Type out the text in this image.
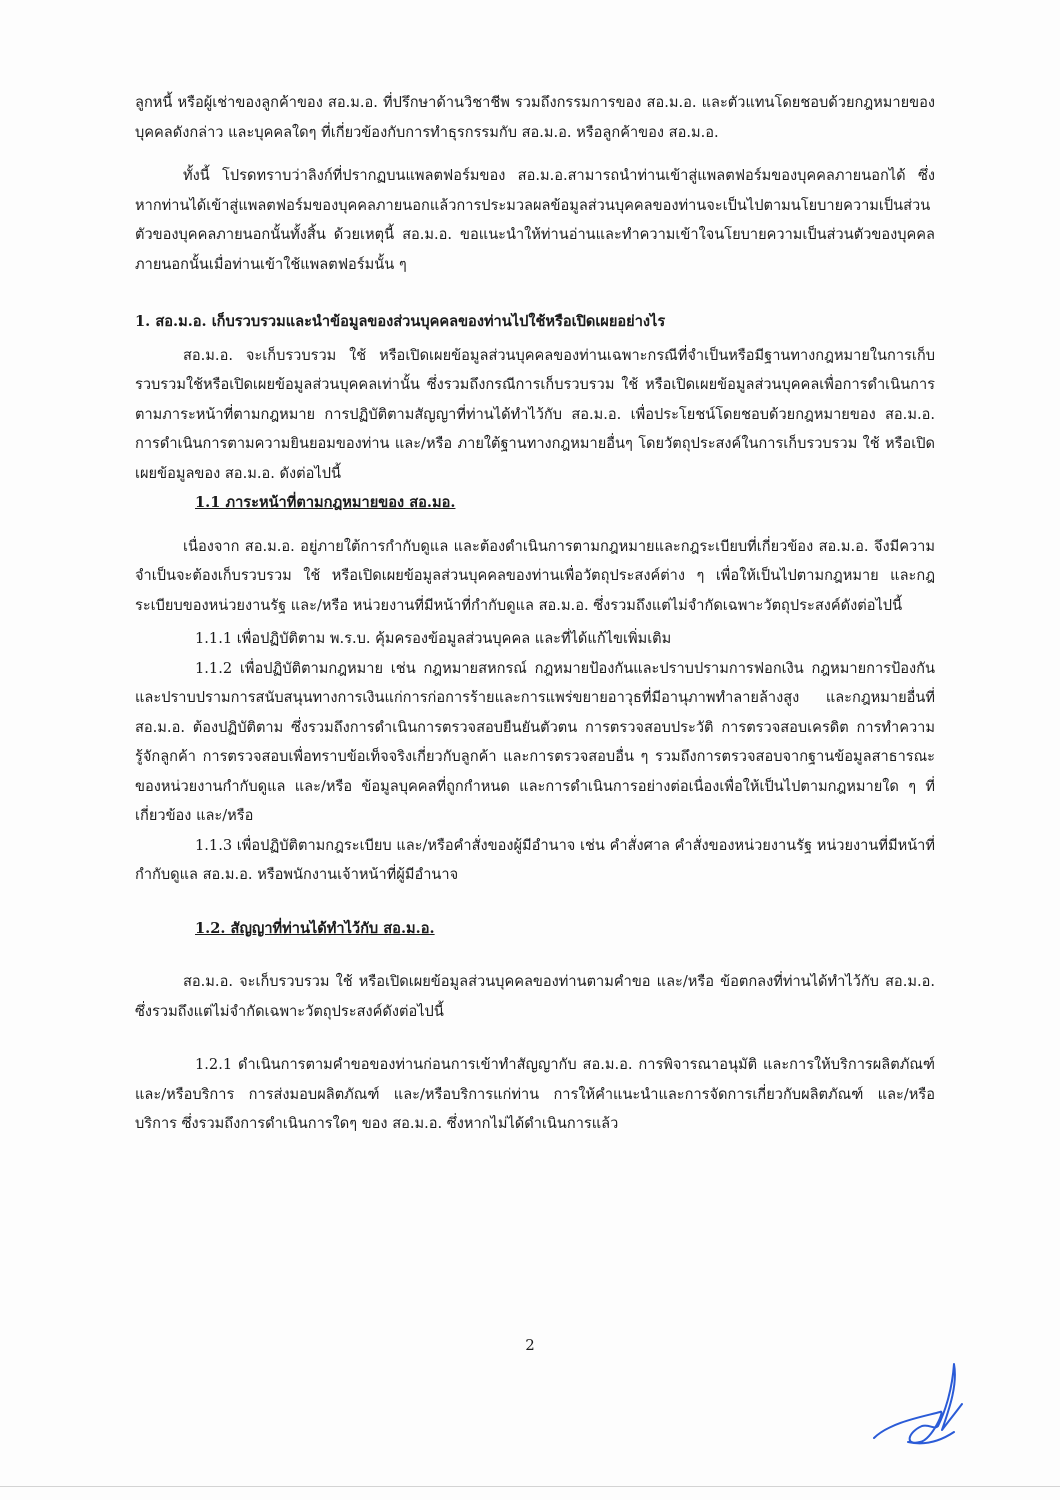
ลูกหนี้ หรือผู้เช่าของลูกค้าของ สอ.ม.อ. ที่ปรึกษาด้านวิชาชีพ รวมถึงกรรมการของ สอ.ม.อ. และตัวแทนโดยชอบด้วยกฎหมายของบุคคลดังกล่าว และบุคคลใดๆ ที่เกี่ยวข้องกับการทำธุรกรรมกับ สอ.ม.อ. หรือลูกค้าของ สอ.ม.อ.

ทั้งนี้ โปรดทราบว่าลิงก์ที่ปรากฏบนแพลตฟอร์มของ สอ.ม.อ.สามารถนำท่านเข้าสู่แพลตฟอร์มของบุคคลภายนอกได้ ซึ่งหากท่านได้เข้าสู่แพลตฟอร์มของบุคคลภายนอกแล้วการประมวลผลข้อมูลส่วนบุคคลของท่านจะเป็นไปตามนโยบายความเป็นส่วนตัวของบุคคลภายนอกนั้นทั้งสิ้น ด้วยเหตุนี้ สอ.ม.อ. ขอแนะนำให้ท่านอ่านและทำความเข้าใจนโยบายความเป็นส่วนตัวของบุคคลภายนอกนั้นเมื่อท่านเข้าใช้แพลตฟอร์มนั้น ๆ

1. สอ.ม.อ. เก็บรวบรวมและนำข้อมูลของส่วนบุคคลของท่านไปใช้หรือเปิดเผยอย่างไร

สอ.ม.อ. จะเก็บรวบรวม ใช้ หรือเปิดเผยข้อมูลส่วนบุคคลของท่านเฉพาะกรณีที่จำเป็นหรือมีฐานทางกฎหมายในการเก็บรวบรวมใช้หรือเปิดเผยข้อมูลส่วนบุคคลเท่านั้น ซึ่งรวมถึงกรณีการเก็บรวบรวม ใช้ หรือเปิดเผยข้อมูลส่วนบุคคลเพื่อการดำเนินการตามภาระหน้าที่ตามกฎหมาย การปฏิบัติตามสัญญาที่ท่านได้ทำไว้กับ สอ.ม.อ. เพื่อประโยชน์โดยชอบด้วยกฎหมายของ สอ.ม.อ. การดำเนินการตามความยินยอมของท่าน และ/หรือ ภายใต้ฐานทางกฎหมายอื่นๆ โดยวัตถุประสงค์ในการเก็บรวบรวม ใช้ หรือเปิดเผยข้อมูลของ สอ.ม.อ. ดังต่อไปนี้

1.1 ภาระหน้าที่ตามกฎหมายของ สอ.มอ.

เนื่องจาก สอ.ม.อ. อยู่ภายใต้การกำกับดูแล และต้องดำเนินการตามกฎหมายและกฎระเบียบที่เกี่ยวข้อง สอ.ม.อ. จึงมีความจำเป็นจะต้องเก็บรวบรวม ใช้ หรือเปิดเผยข้อมูลส่วนบุคคลของท่านเพื่อวัตถุประสงค์ต่าง ๆ เพื่อให้เป็นไปตามกฎหมาย และกฎระเบียบของหน่วยงานรัฐ และ/หรือ หน่วยงานที่มีหน้าที่กำกับดูแล สอ.ม.อ. ซึ่งรวมถึงแต่ไม่จำกัดเฉพาะวัตถุประสงค์ดังต่อไปนี้

1.1.1 เพื่อปฏิบัติตาม พ.ร.บ. คุ้มครองข้อมูลส่วนบุคคล และที่ได้แก้ไขเพิ่มเติม

1.1.2 เพื่อปฏิบัติตามกฎหมาย เช่น กฎหมายสหกรณ์ กฎหมายป้องกันและปราบปรามการฟอกเงิน กฎหมายการป้องกันและปราบปรามการสนับสนุนทางการเงินแก่การก่อการร้ายและการแพร่ขยายอาวุธที่มีอานุภาพทำลายล้างสูง และกฎหมายอื่นที่ สอ.ม.อ. ต้องปฏิบัติตาม ซึ่งรวมถึงการดำเนินการตรวจสอบยืนยันตัวตน การตรวจสอบประวัติ การตรวจสอบเครดิต การทำความรู้จักลูกค้า การตรวจสอบเพื่อทราบข้อเท็จจริงเกี่ยวกับลูกค้า และการตรวจสอบอื่น ๆ รวมถึงการตรวจสอบจากฐานข้อมูลสาธารณะของหน่วยงานกำกับดูแล และ/หรือ ข้อมูลบุคคลที่ถูกกำหนด และการดำเนินการอย่างต่อเนื่องเพื่อให้เป็นไปตามกฎหมายใด ๆ ที่เกี่ยวข้อง และ/หรือ

1.1.3 เพื่อปฏิบัติตามกฎระเบียบ และ/หรือคำสั่งของผู้มีอำนาจ เช่น คำสั่งศาล คำสั่งของหน่วยงานรัฐ หน่วยงานที่มีหน้าที่กำกับดูแล สอ.ม.อ. หรือพนักงานเจ้าหน้าที่ผู้มีอำนาจ

1.2. สัญญาที่ท่านได้ทำไว้กับ สอ.ม.อ.

สอ.ม.อ. จะเก็บรวบรวม ใช้ หรือเปิดเผยข้อมูลส่วนบุคคลของท่านตามคำขอ และ/หรือ ข้อตกลงที่ท่านได้ทำไว้กับ สอ.ม.อ. ซึ่งรวมถึงแต่ไม่จำกัดเฉพาะวัตถุประสงค์ดังต่อไปนี้

1.2.1 ดำเนินการตามคำขอของท่านก่อนการเข้าทำสัญญากับ สอ.ม.อ. การพิจารณาอนุมัติ และการให้บริการผลิตภัณฑ์และ/หรือบริการ การส่งมอบผลิตภัณฑ์ และ/หรือบริการแก่ท่าน การให้คำแนะนำและการจัดการเกี่ยวกับผลิตภัณฑ์ และ/หรือบริการ ซึ่งรวมถึงการดำเนินการใดๆ ของ สอ.ม.อ. ซึ่งหากไม่ได้ดำเนินการแล้ว

2
